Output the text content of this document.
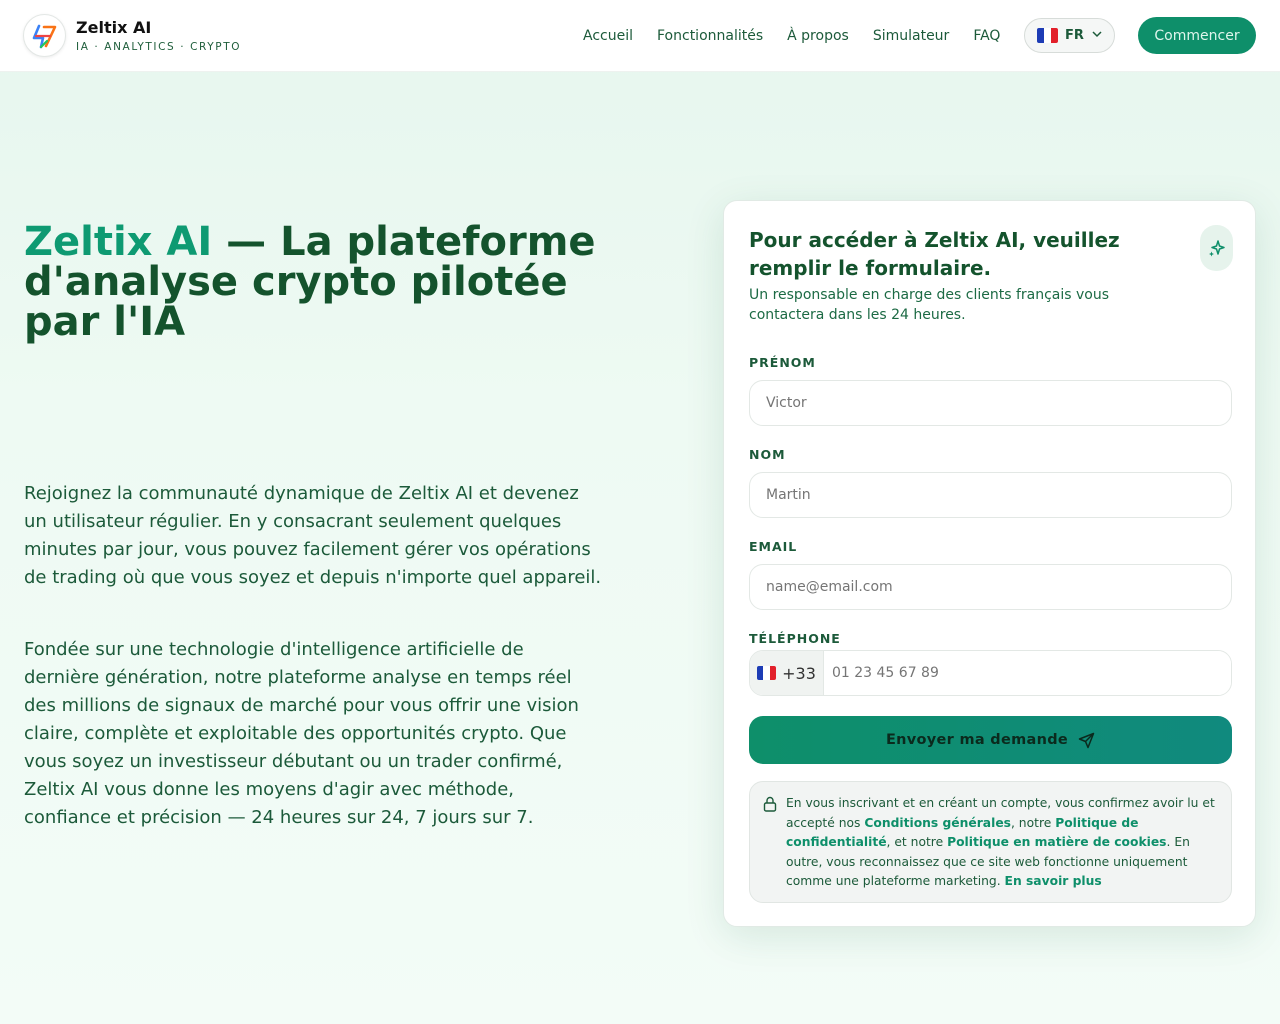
Zeltix AI
IA · ANALYTICS · CRYPTO
Accueil Fonctionnalités À propos Simulateur FAQ	FR	Commencer
Zeltix AI — La plateforme d'analyse crypto pilotée par l'IA

Rejoignez la communauté dynamique de Zeltix AI et devenez un utilisateur régulier. En y consacrant seulement quelques minutes par jour, vous pouvez facilement gérer vos opérations de trading où que vous soyez et depuis n'importe quel appareil.

Fondée sur une technologie d'intelligence artificielle de dernière génération, notre plateforme analyse en temps réel des millions de signaux de marché pour vous offrir une vision claire, complète et exploitable des opportunités crypto. Que vous soyez un investisseur débutant ou un trader confirmé, Zeltix AI vous donne les moyens d'agir avec méthode, confiance et précision — 24 heures sur 24, 7 jours sur 7.

Pour accéder à Zeltix AI, veuillez remplir le formulaire.

Un responsable en charge des clients français vous contactera dans les 24 heures.

PRÉNOM
Victor
NOM
Martin
EMAIL
name@email.com
TÉLÉPHONE
+33
01 23 45 67 89
Envoyer ma demande

En vous inscrivant et en créant un compte, vous confirmez avoir lu et accepté nos Conditions générales, notre Politique de confidentialité, et notre Politique en matière de cookies. En outre, vous reconnaissez que ce site web fonctionne uniquement comme une plateforme marketing. En savoir plus
